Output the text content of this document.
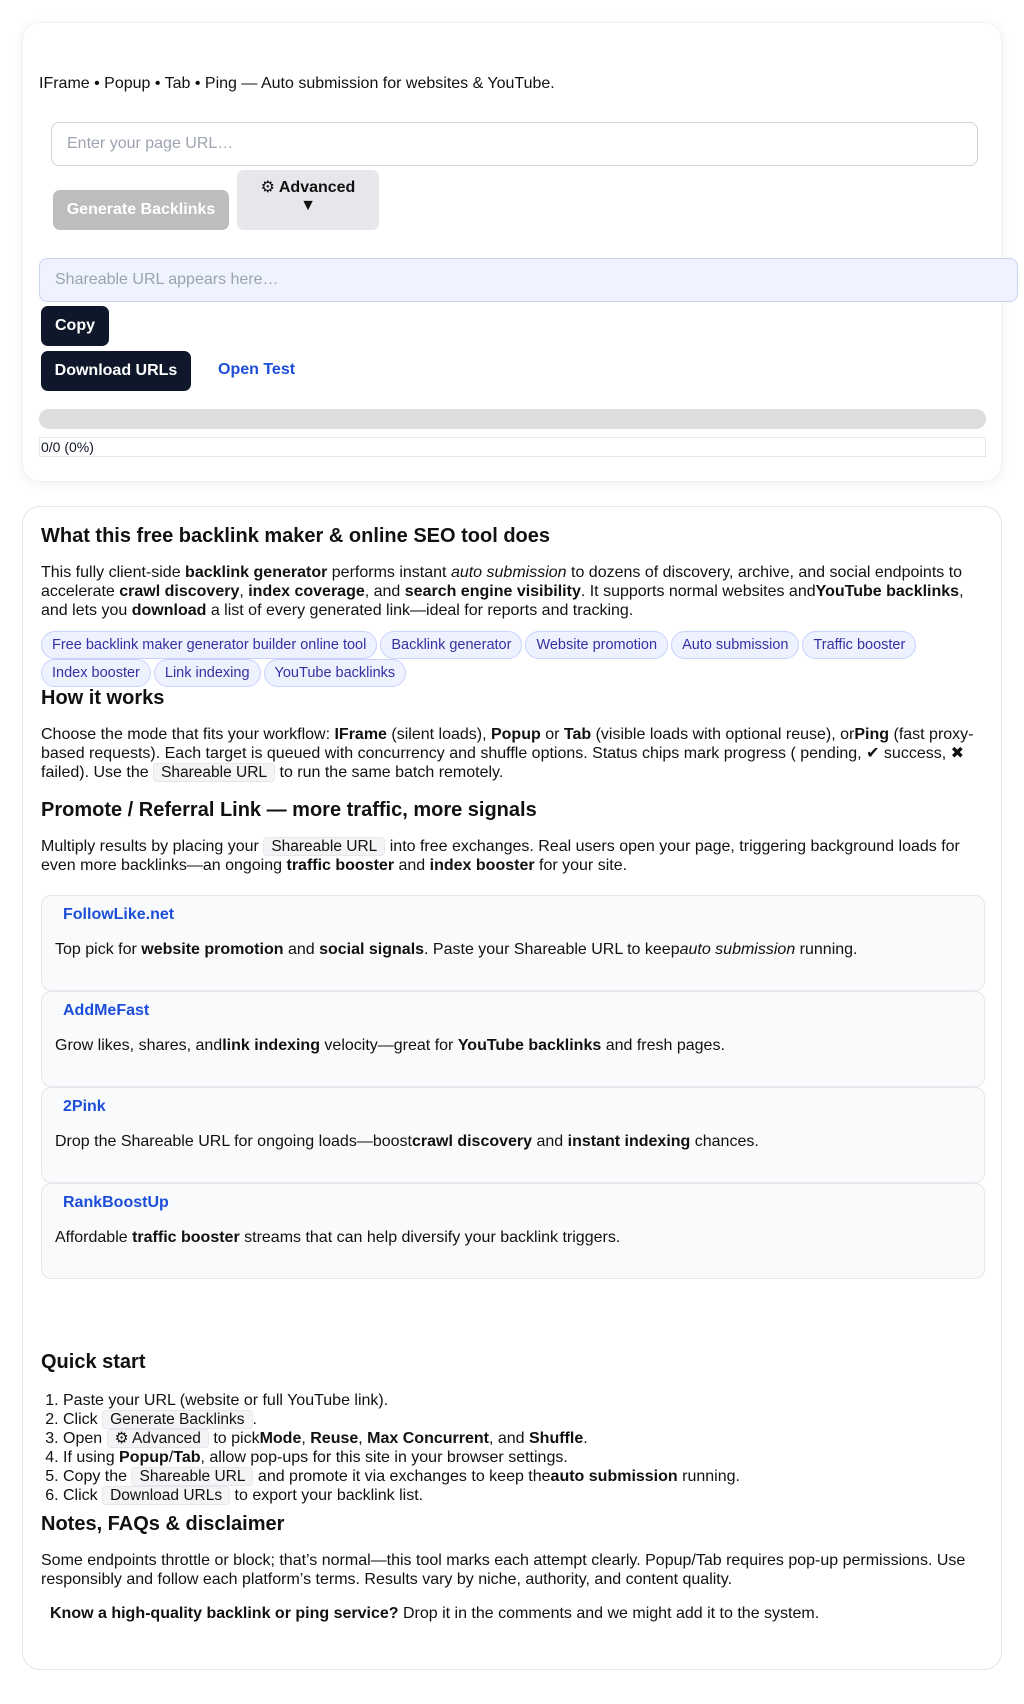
IFrame • Popup • Tab • Ping — Auto submission for websites & YouTube.
Enter your page URL…
Generate Backlinks
⚙ Advanced
▼
Shareable URL appears here…
Copy
Download URLs	Open Test
0/0 (0%)
What this free backlink maker & online SEO tool does
This fully client-side backlink generator performs instant auto submission to dozens of discovery, archive, and social endpoints to accelerate crawl discovery, index coverage, and search engine visibility. It supports normal websites andYouTube backlinks, and lets you download a list of every generated link—ideal for reports and tracking.
Free backlink maker generator builder online tool Backlink generator Website promotion Auto submission Traffic boosterIndex booster Link indexing YouTube backlinks
How it works
Choose the mode that fits your workflow: IFrame (silent loads), Popup or Tab (visible loads with optional reuse), orPing (fast proxy-based requests). Each target is queued with concurrency and shuffle options. Status chips mark progress ( pending, ✔ success, ✖ failed). Use the Shareable URL to run the same batch remotely.
Promote / Referral Link — more traffic, more signals
Multiply results by placing your Shareable URL into free exchanges. Real users open your page, triggering background loads for even more backlinks—an ongoing traffic booster and index booster for your site.
FollowLike.net
Top pick for website promotion and social signals. Paste your Shareable URL to keepauto submission running.
AddMeFast
Grow likes, shares, andlink indexing velocity—great for YouTube backlinks and fresh pages.
2Pink
Drop the Shareable URL for ongoing loads—boostcrawl discovery and instant indexing chances.
RankBoostUp
Affordable traffic booster streams that can help diversify your backlink triggers.
Quick start
1. Paste your URL (website or full YouTube link).
2. Click Generate Backlinks .
3. Open ⚙ Advanced to pickMode, Reuse, Max Concurrent, and Shuffle.
4. If using Popup/Tab, allow pop-ups for this site in your browser settings.
5. Copy the Shareable URL and promote it via exchanges to keep theauto submission running.
6. Click Download URLs to export your backlink list.
Notes, FAQs & disclaimer
Some endpoints throttle or block; that’s normal—this tool marks each attempt clearly. Popup/Tab requires pop-up permissions. Use responsibly and follow each platform’s terms. Results vary by niche, authority, and content quality.
Know a high-quality backlink or ping service? Drop it in the comments and we might add it to the system.
